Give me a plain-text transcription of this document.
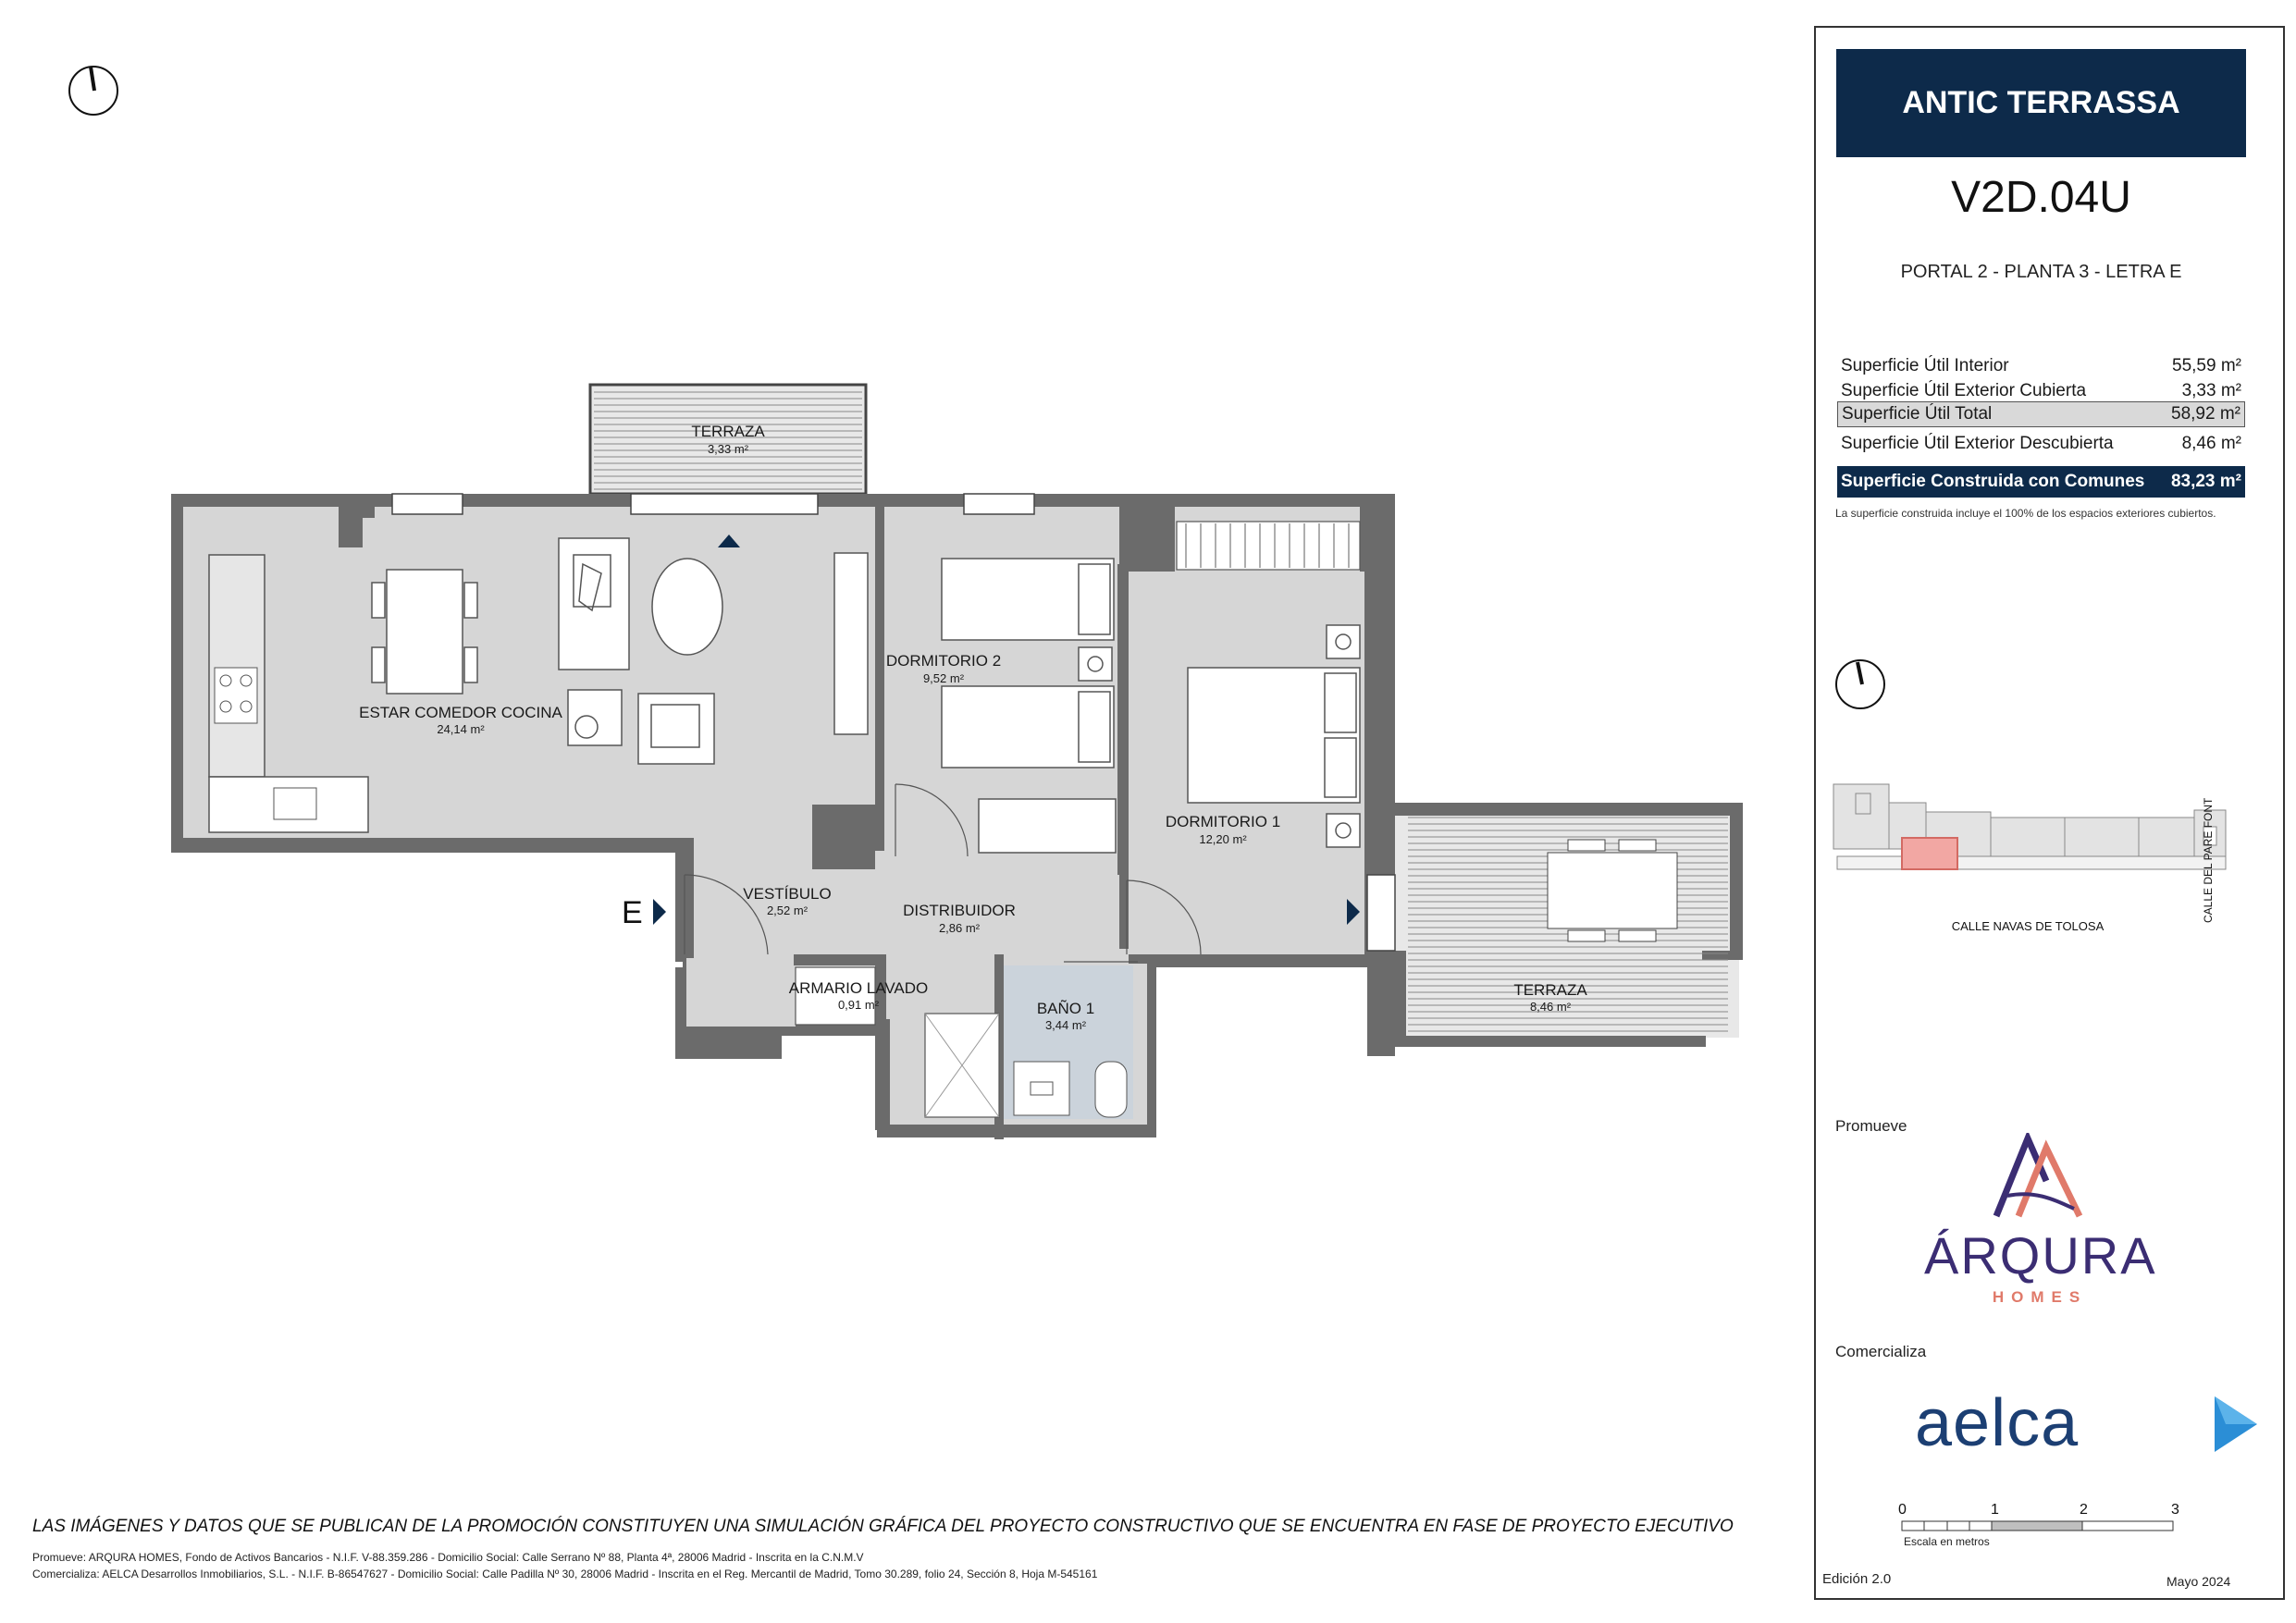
TERRAZA
3,33 m²
ESTAR COMEDOR COCINA
24,14 m²
DORMITORIO 2
9,52 m²
DORMITORIO 1
12,20 m²
VESTÍBULO
2,52 m²	DISTRIBUIDOR
2,86 m²
ARMARIO LAVADO
0,91 m²	BAÑO 1
3,44 m²
TERRAZA
8,46 m²
E
ANTIC TERRASSA
V2D.04U
PORTAL 2 - PLANTA 3 - LETRA E
Superficie Útil Interior	55,59 m²
Superficie Útil Exterior Cubierta	3,33 m²
Superficie Útil Total	58,92 m²
Superficie Útil Exterior Descubierta	8,46 m²
Superficie Construida con Comunes 83,23 m²
La superficie construida incluye el 100% de los espacios exteriores cubiertos.
CALLE DEL PARE FONT
CALLE NAVAS DE TOLOSA
Promueve
ÁRQURA
HOMES
Comercializa
aelca
0	1	2	3
Escala en metros
Edición 2.0	Mayo 2024
LAS IMÁGENES Y DATOS QUE SE PUBLICAN DE LA PROMOCIÓN CONSTITUYEN UNA SIMULACIÓN GRÁFICA DEL PROYECTO CONSTRUCTIVO QUE SE ENCUENTRA EN FASE DE PROYECTO EJECUTIVO
Promueve: ARQURA HOMES, Fondo de Activos Bancarios - N.I.F. V-88.359.286 - Domicilio Social: Calle Serrano Nº 88, Planta 4ª, 28006 Madrid - Inscrita en la C.N.M.V
Comercializa: AELCA Desarrollos Inmobiliarios, S.L. - N.I.F. B-86547627 - Domicilio Social: Calle Padilla Nº 30, 28006 Madrid - Inscrita en el Reg. Mercantil de Madrid, Tomo 30.289, folio 24, Sección 8, Hoja M-545161
